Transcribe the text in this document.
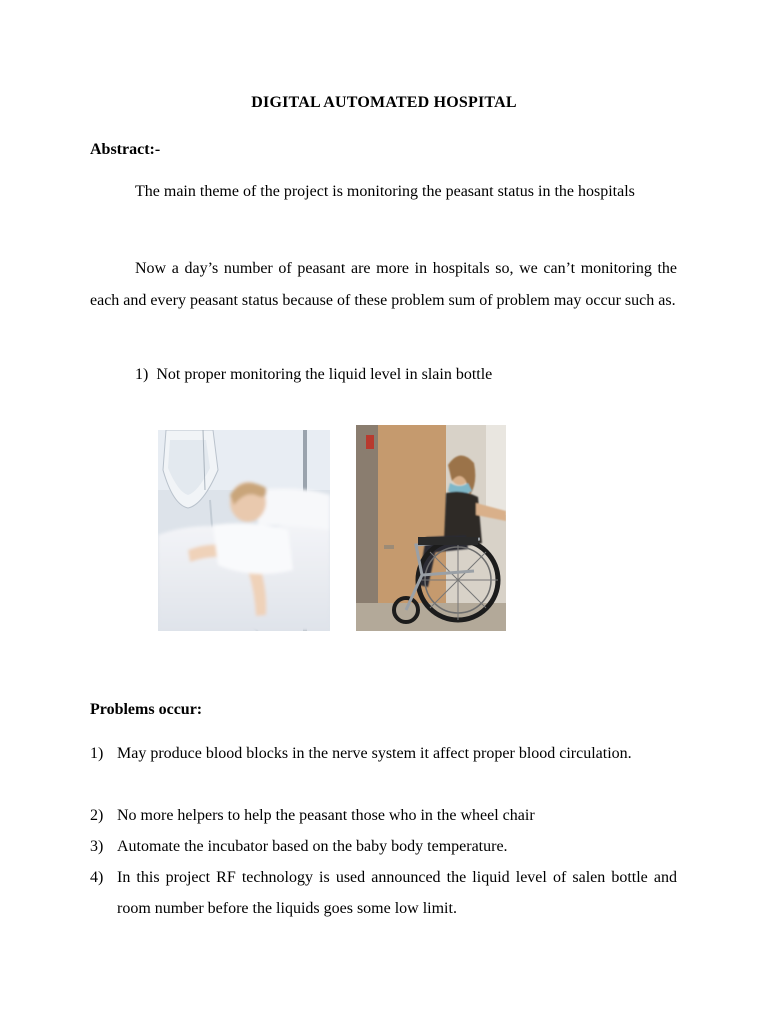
DIGITAL AUTOMATED HOSPITAL
Abstract:-
The main theme of the project is monitoring the peasant status in the hospitals
Now a day’s number of peasant are more in hospitals so, we can’t monitoring the each and every peasant status because of these problem sum of problem may occur such as.
1) Not proper monitoring the liquid level in slain bottle
Problems occur:
1) May produce blood blocks in the nerve system it affect proper blood circulation.
2) No more helpers to help the peasant those who in the wheel chair
3) Automate the incubator based on the baby body temperature.
4) In this project RF technology is used announced the liquid level of salen bottle and room number before the liquids goes some low limit.
